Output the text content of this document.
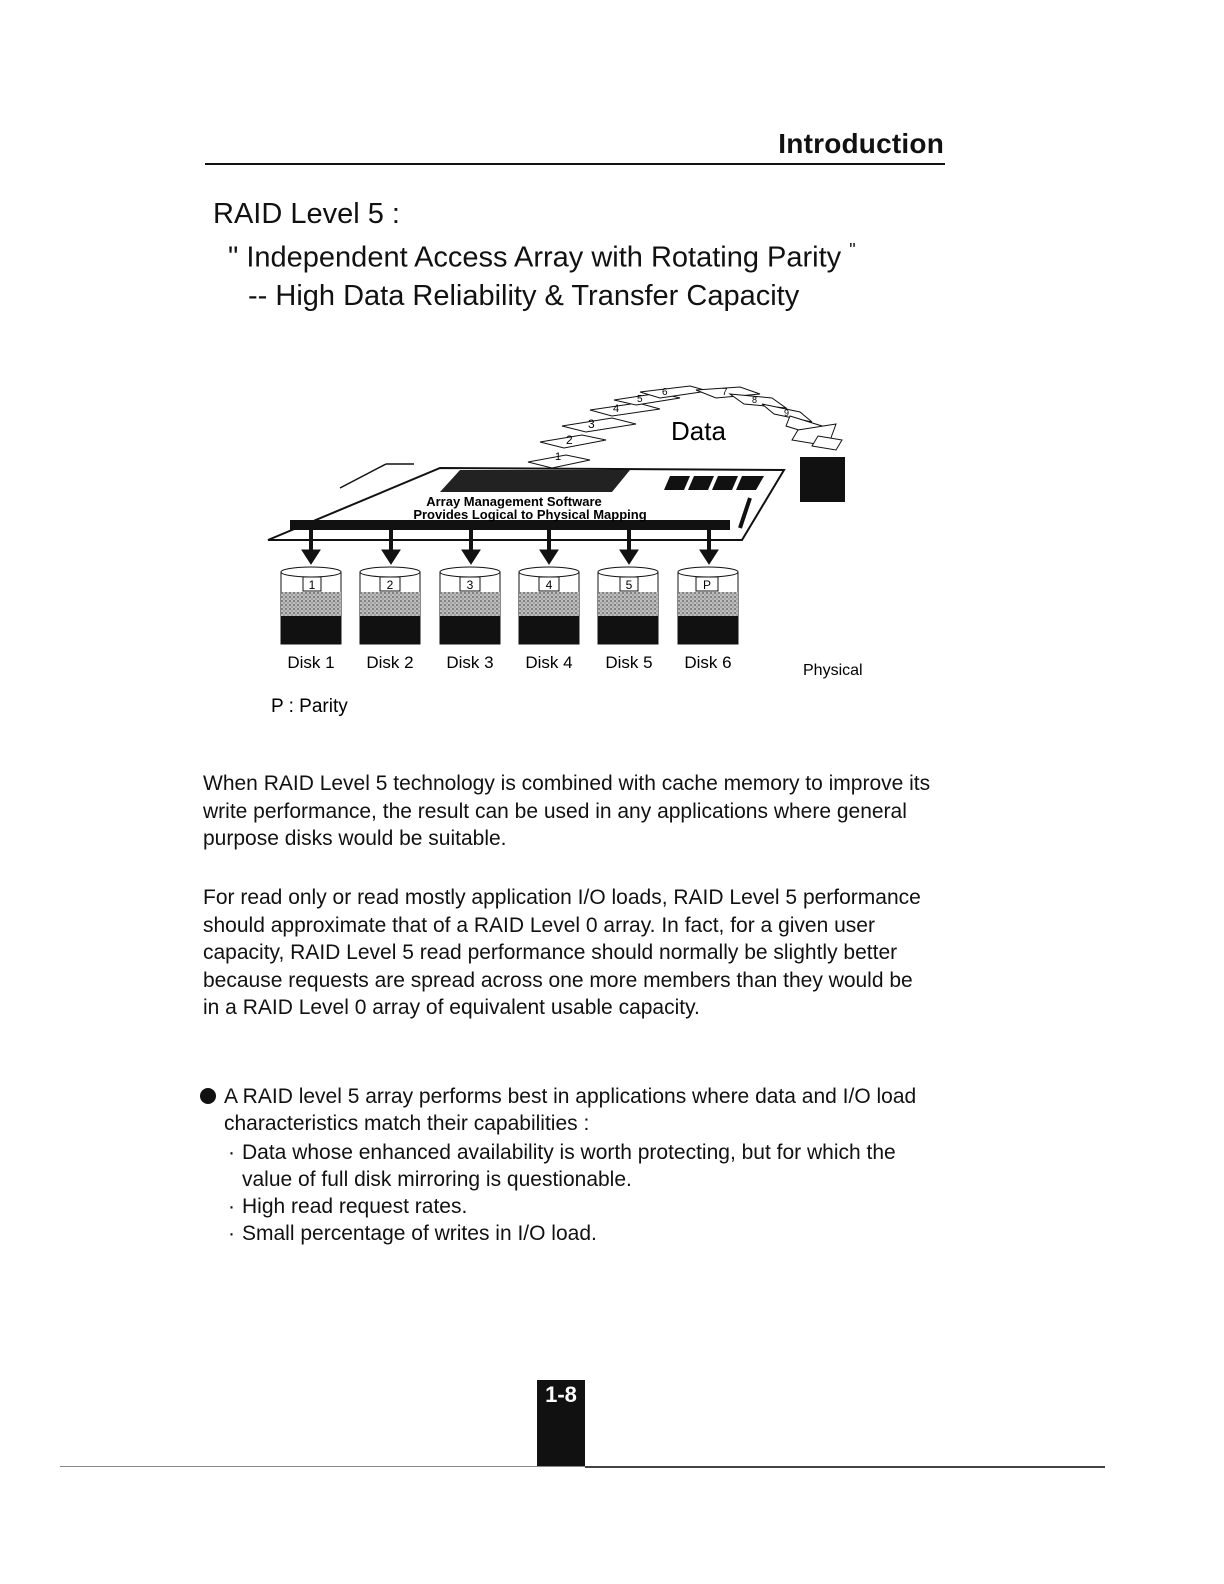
Introduction
RAID Level 5 :
" Independent Access Array with Rotating Parity "
-- High Data Reliability & Transfer Capacity
1
2
3
4
5
6	7
8
9
Data
Array Management Software
Provides Logical to Physical Mapping
1	2	3	4	5	P
Disk 1 Disk 2 Disk 3 Disk 4 Disk 5 Disk 6	Physical
P : Parity

When RAID Level 5 technology is combined with cache memory to improve its write performance, the result can be used in any applications where general purpose disks would be suitable.

For read only or read mostly application I/O loads, RAID Level 5 performance should approximate that of a RAID Level 0 array. In fact, for a given user capacity, RAID Level 5 read performance should normally be slightly better because requests are spread across one more members than they would be in a RAID Level 0 array of equivalent usable capacity.

A RAID level 5 array performs best in applications where data and I/O load characteristics match their capabilities :
· Data whose enhanced availability is worth protecting, but for which the value of full disk mirroring is questionable.
· High read request rates.
· Small percentage of writes in I/O load.
1-8
